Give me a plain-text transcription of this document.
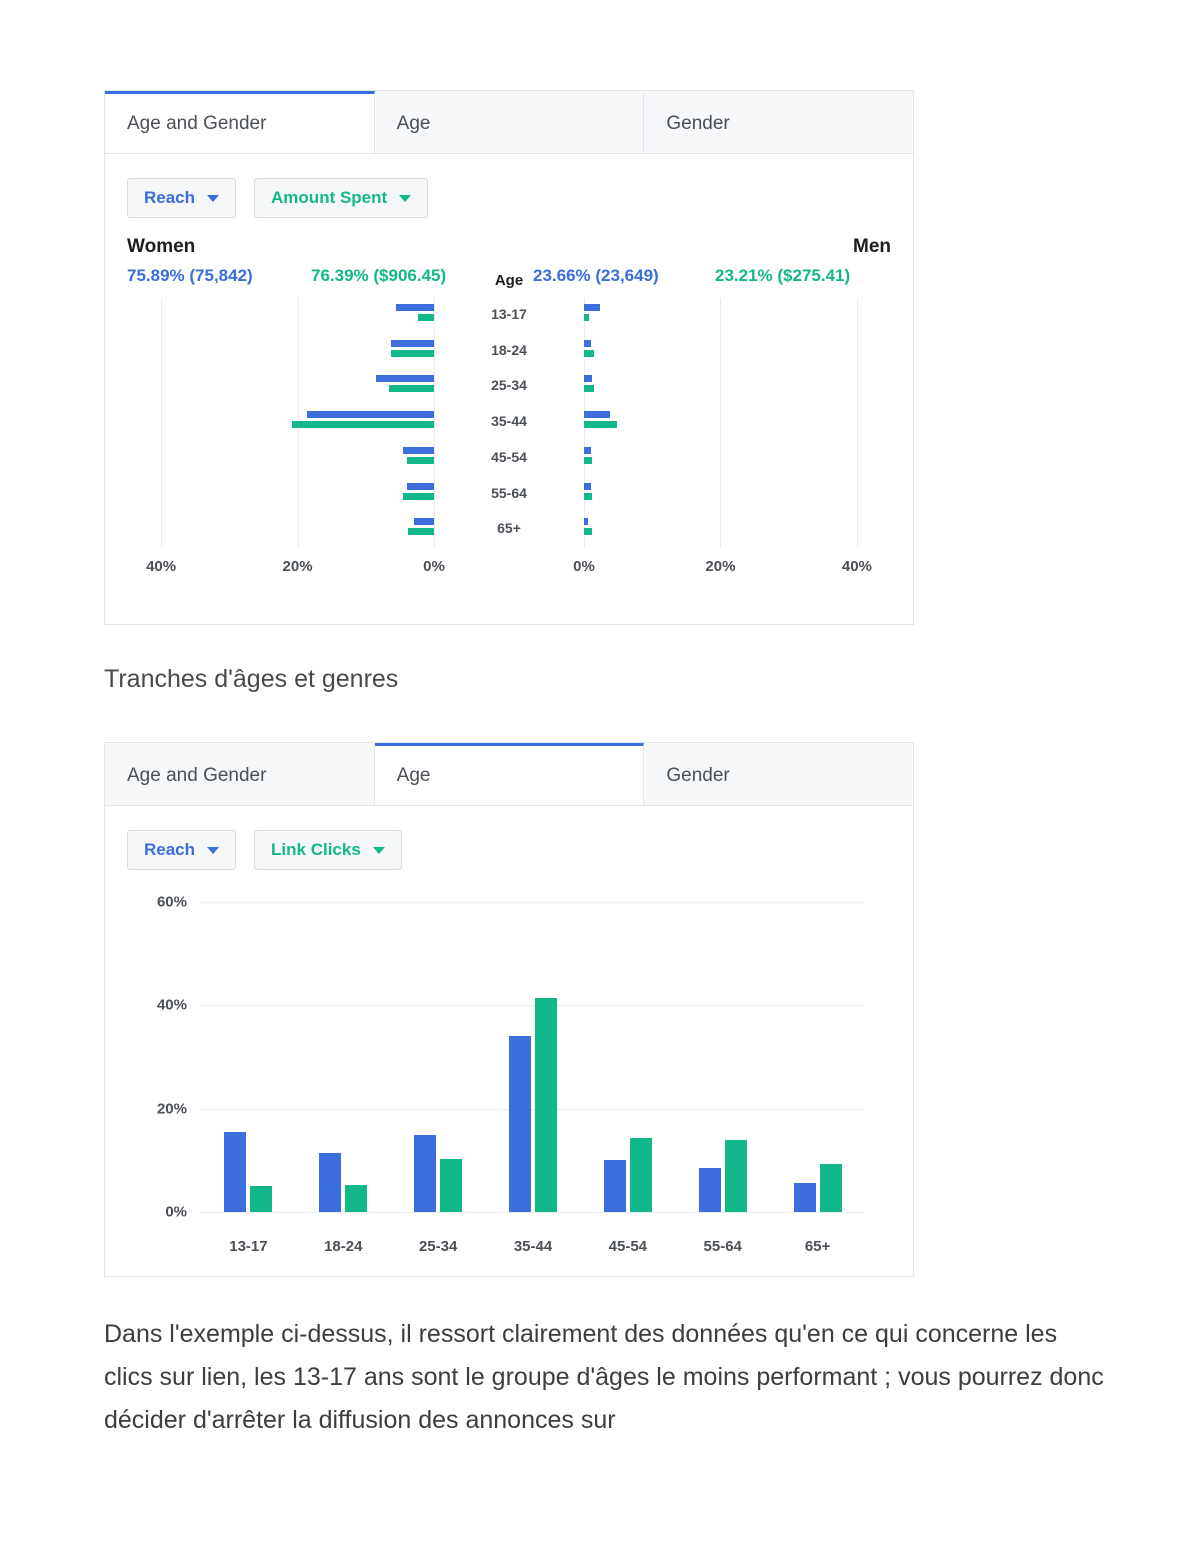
Age and Gender	Age	Gender
Reach	Amount Spent
Women	Men
75.89% (75,842)	76.39% ($906.45)	23.66% (23,649)	23.21% ($275.41)
Age
13-17
18-24
25-34
35-44
45-54
55-64
65+
40%	20%	0%	0%	20%	40%
Tranches d'âges et genres
Age and Gender	Age	Gender
Reach	Link Clicks
0%
20%
40%
60%
13-17	18-24	25-34	35-44	45-54	55-64	65+
Dans l'exemple ci-dessus, il ressort clairement des données qu'en ce qui concerne les clics sur lien, les 13-17 ans sont le groupe d'âges le moins performant ; vous pourrez donc décider d'arrêter la diffusion des annonces sur
